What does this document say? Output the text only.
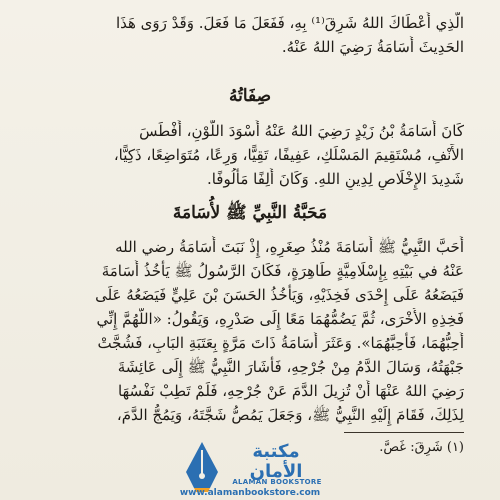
الَّذِي أَعْطَاكَ اللهُ شَرِقَ⁽¹⁾ بِهِ، فَفَعَلَ مَا فَعَلَ. وَقَدْ رَوَى هَذَا
الحَدِيثَ أُسَامَةُ رَضِيَ اللهُ عَنْهُ.
صِفَاتُهُ
كَانَ أُسَامَةُ بْنُ زَيْدٍ رَضِيَ اللهُ عَنْهُ أَسْوَدَ اللَّوْنِ، أَفْطَسَ
الأَنْفِ، مُسْتَقِيمَ المَسْلَكِ، عَفِيفًا، تَقِيًّا، وَرِعًا، مُتَوَاضِعًا، ذَكِيًّا،
شَدِيدَ الإِخْلَاصِ لِدِينِ اللهِ. وَكَانَ أَلِفًا مَأْلُوفًا.
مَحَبَّةُ النَّبِيِّ ﷺ لأُسَامَةَ
أَحَبَّ النَّبِيُّ ﷺ أُسَامَةَ مُنْذُ صِغَرِهِ، إِذْ نَبَتَ أُسَامَةُ رضي الله
عَنْهُ في بَيْتِهِ بِإِسْلَامِيَّةٍ طَاهِرَةٍ، فَكَانَ الرَّسُولُ ﷺ يَأْخُذُ أُسَامَةَ
فَيَضَعُهُ عَلَى إِحْدَى فَخِذَيْهِ، وَيَأْخُذُ الحَسَنَ بْنَ عَلِيٍّ فَيَضَعُهُ عَلَى
فَخِذِهِ الأُخْرَى، ثُمَّ يَضُمُّهُمَا مَعًا إِلَى صَدْرِهِ، وَيَقُولُ: «اللَّهُمَّ إِنِّي
أُحِبُّهُمَا، فَأَحِبَّهُمَا». وَعَثَرَ أُسَامَةُ ذَاتَ مَرَّةٍ بِعَتَبَةِ البَابِ، فَشُجَّتْ
جَبْهَتُهُ، وَسَالَ الدَّمُ مِنْ جُرْحِهِ، فَأَشَارَ النَّبِيُّ ﷺ إِلَى عَائِشَةَ
رَضِيَ اللهُ عَنْهَا أَنْ تُزِيلَ الدَّمَ عَنْ جُرْحِهِ، فَلَمْ تَطِبْ نَفْسُهَا
لِذَلِكَ، فَقَامَ إِلَيْهِ النَّبِيُّ ﷺ، وَجَعَلَ يَمُصُّ شَجَّتَهُ، وَيَمُجُّ الدَّمَ،
(١) شَرِقَ: غَصَّ.
مكتبة الأمان
ALAMAN BOOKSTORE
www.alamanbookstore.com
